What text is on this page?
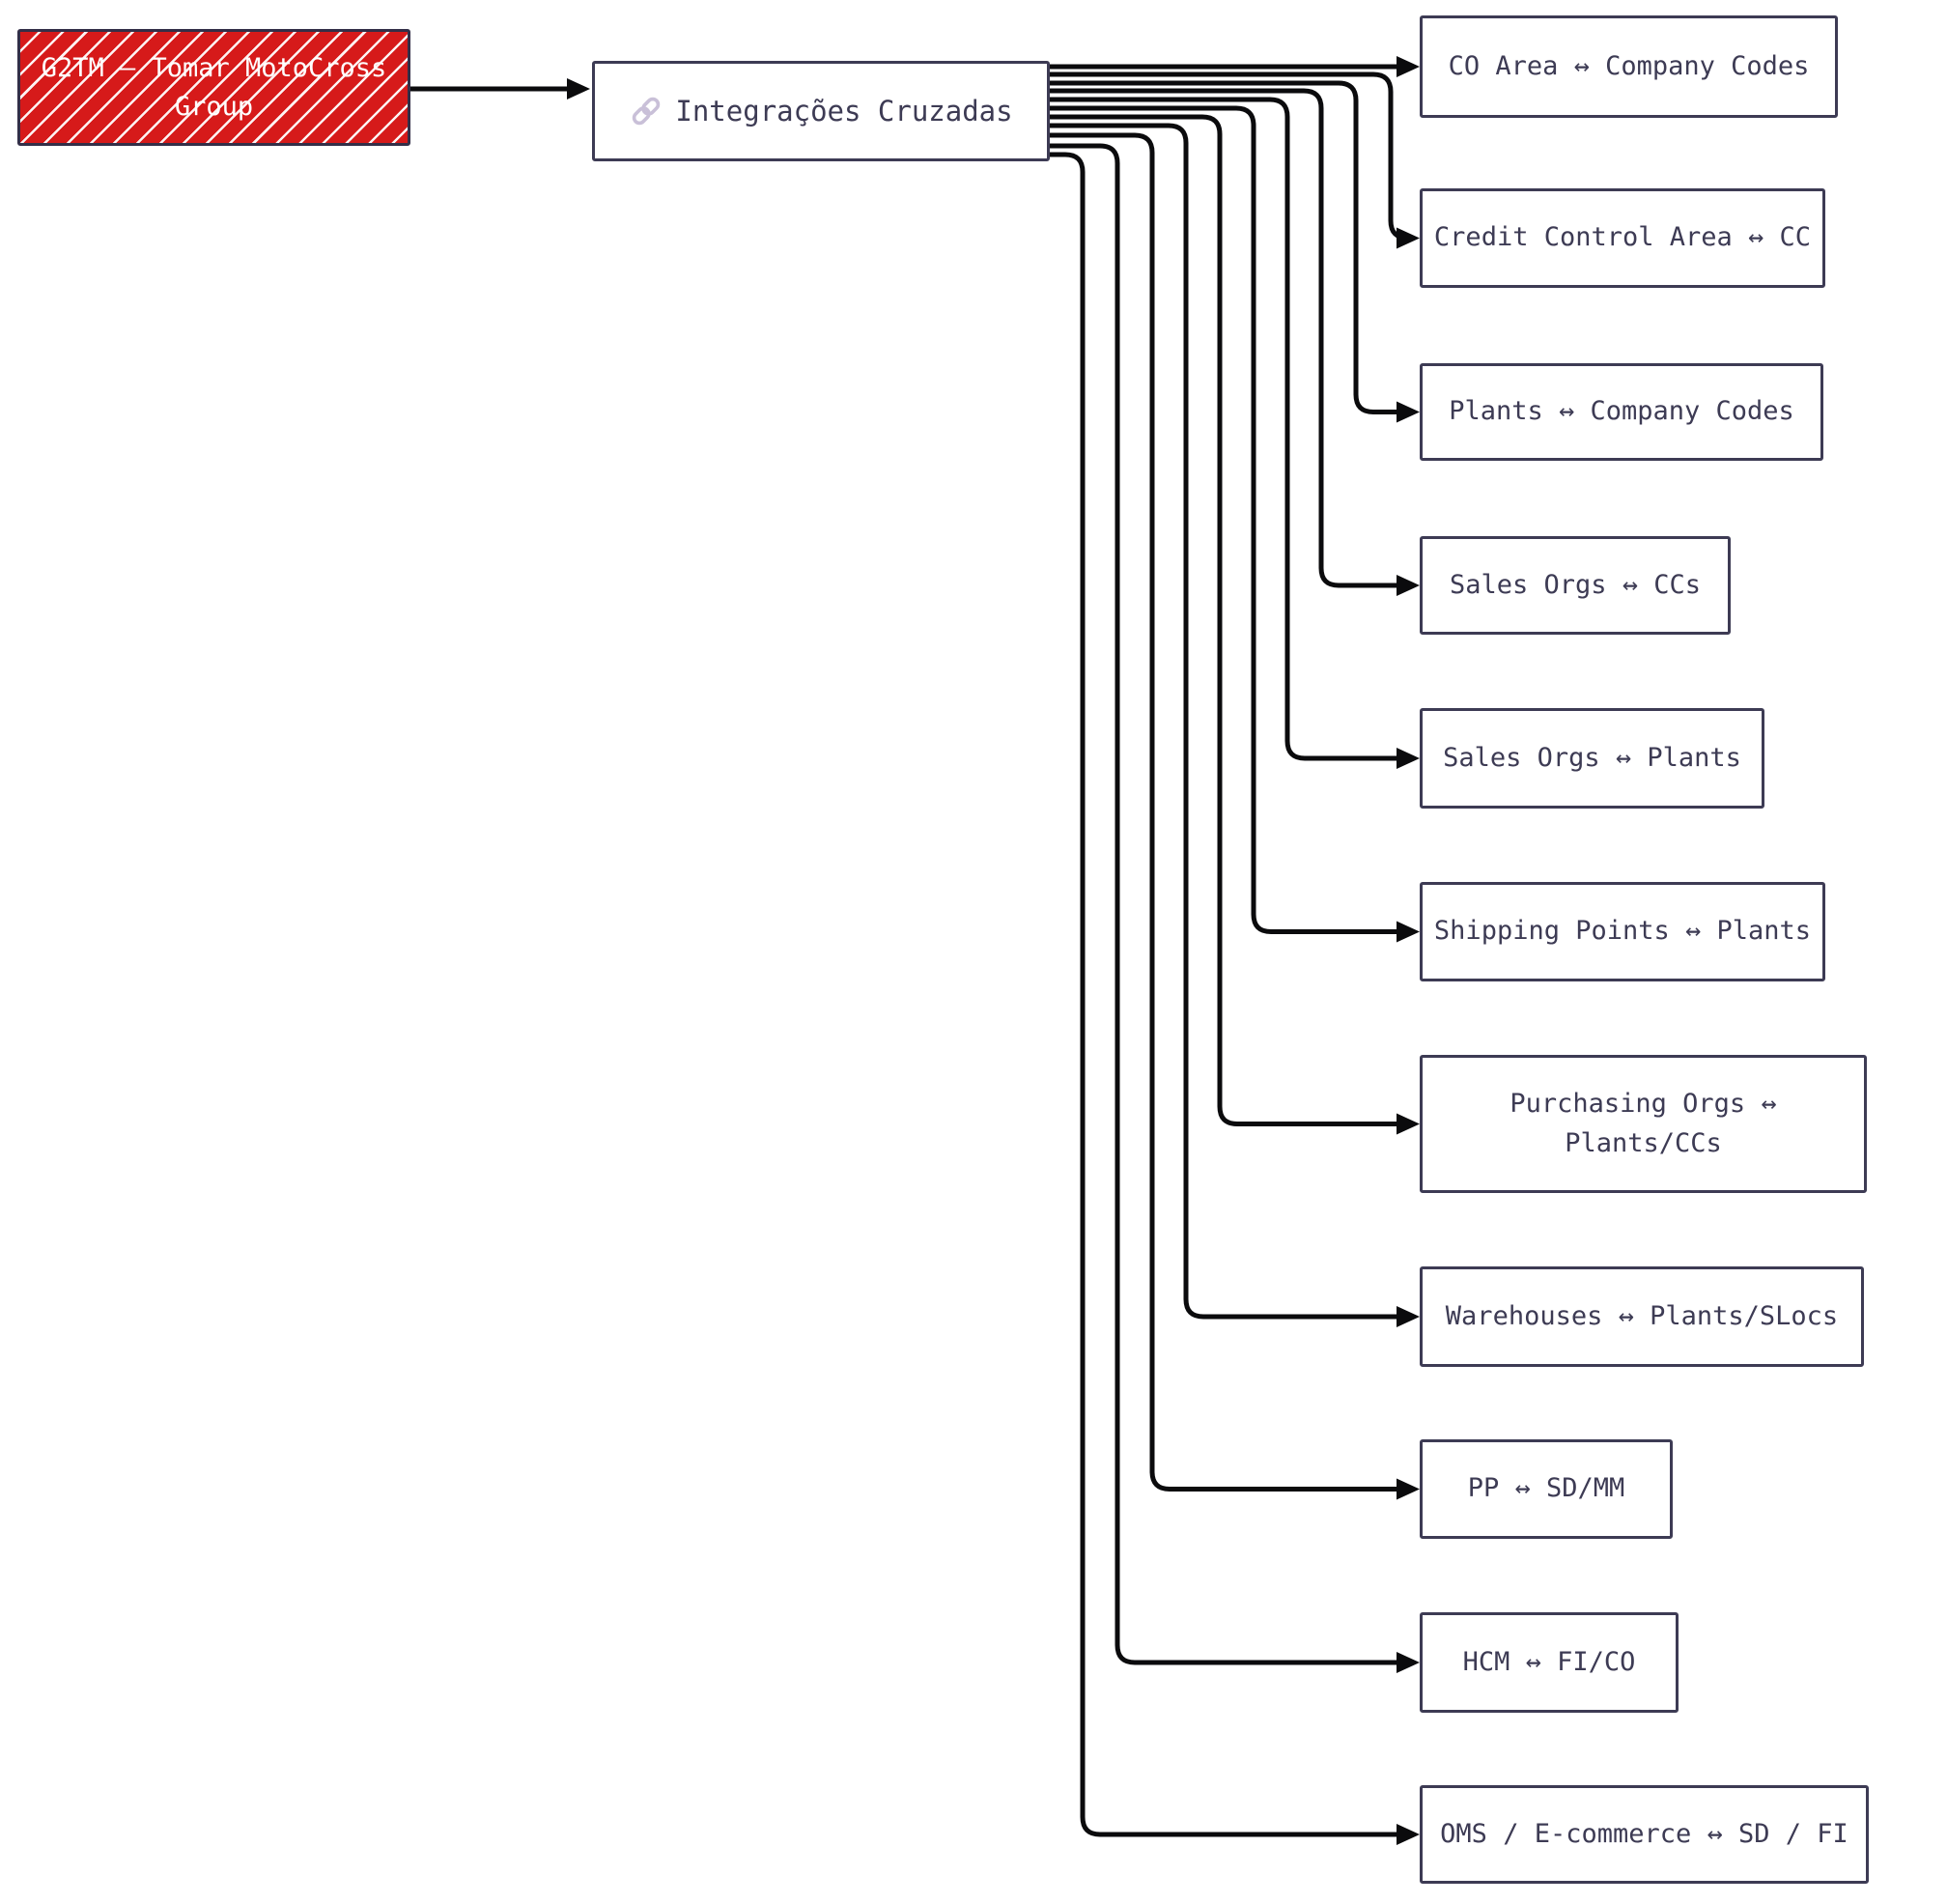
G2TM — Tomar MotoCross Group	Integrações Cruzadas
CO Area ↔ Company Codes
Credit Control Area ↔ CC
Plants ↔ Company Codes
Sales Orgs ↔ CCs
Sales Orgs ↔ Plants
Shipping Points ↔ Plants
Purchasing Orgs ↔ Plants/CCs
Warehouses ↔ Plants/SLocs
PP ↔ SD/MM
HCM ↔ FI/CO
OMS / E-commerce ↔ SD / FI
